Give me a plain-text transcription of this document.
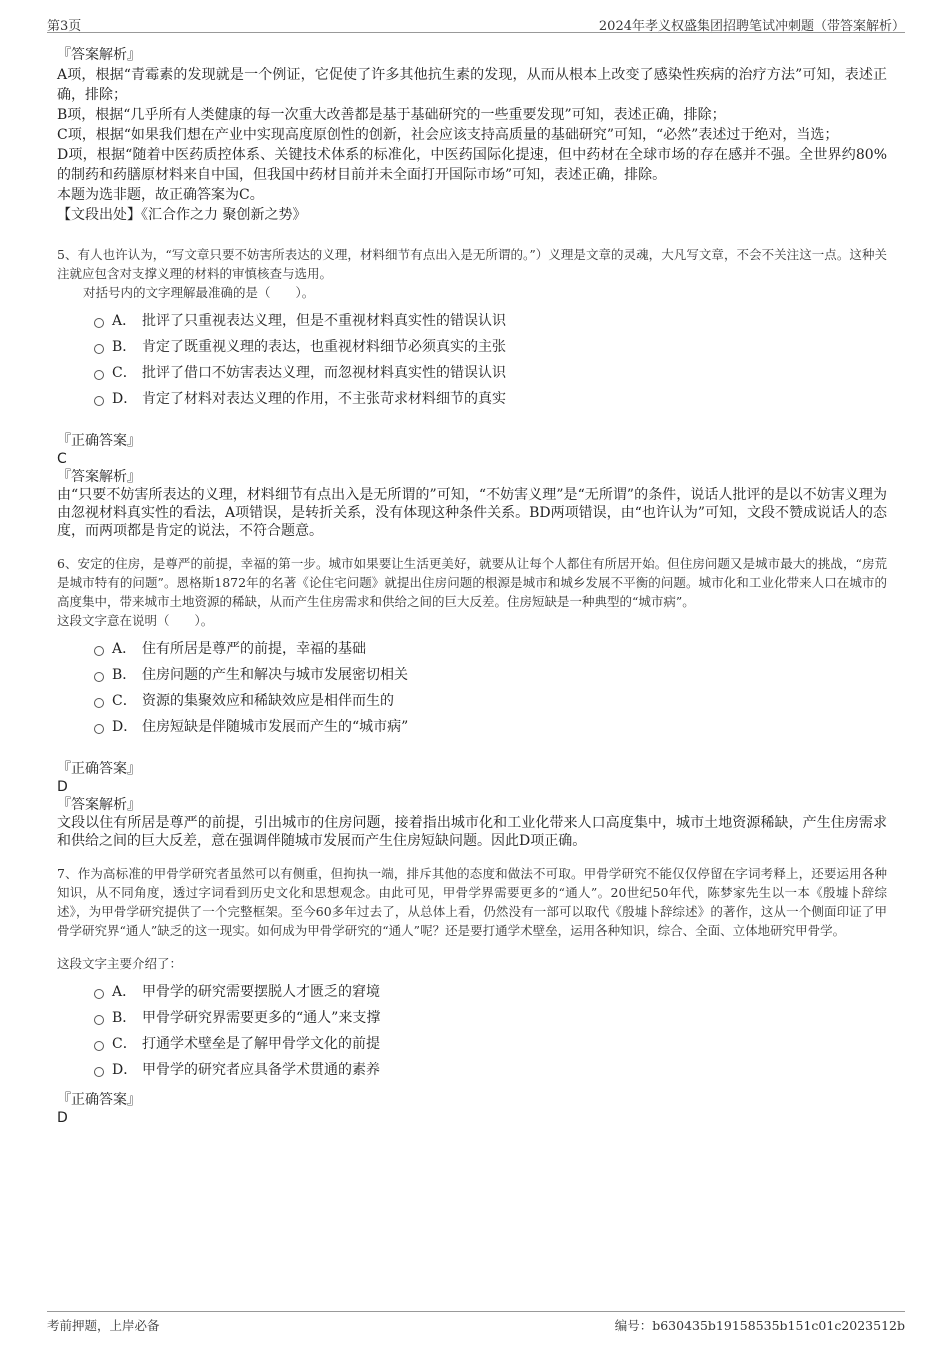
第3页	2024年孝义权盛集团招聘笔试冲刺题（带答案解析）

『答案解析』

A项，根据“青霉素的发现就是一个例证，它促使了许多其他抗生素的发现，从而从根本上改变了感染性疾病的治疗方法”可知，表述正确，排除；

B项，根据“几乎所有人类健康的每一次重大改善都是基于基础研究的一些重要发现”可知，表述正确，排除；

C项，根据“如果我们想在产业中实现高度原创性的创新，社会应该支持高质量的基础研究”可知，“必然”表述过于绝对，当选；

D项，根据“随着中医药质控体系、关键技术体系的标准化，中医药国际化提速，但中药材在全球市场的存在感并不强。全世界约80%的制药和药膳原材料来自中国，但我国中药材目前并未全面打开国际市场”可知，表述正确，排除。

本题为选非题，故正确答案为C。

【文段出处】《汇合作之力 聚创新之势》

5、有人也许认为，“写文章只要不妨害所表达的义理，材料细节有点出入是无所谓的。”）义理是文章的灵魂，大凡写文章，不会不关注这一点。这种关注就应包含对支撑义理的材料的审慎核查与选用。
对括号内的文字理解最准确的是（　　）。
A． 批评了只重视表达义理，但是不重视材料真实性的错误认识
B． 肯定了既重视义理的表达，也重视材料细节必须真实的主张
C． 批评了借口不妨害表达义理，而忽视材料真实性的错误认识
D． 肯定了材料对表达义理的作用，不主张苛求材料细节的真实

『正确答案』

C

『答案解析』

由“只要不妨害所表达的义理，材料细节有点出入是无所谓的”可知，“不妨害义理”是“无所谓”的条件，说话人批评的是以不妨害义理为由忽视材料真实性的看法，A项错误，是转折关系，没有体现这种条件关系。BD两项错误，由“也许认为”可知，文段不赞成说话人的态度，而两项都是肯定的说法，不符合题意。

6、安定的住房，是尊严的前提，幸福的第一步。城市如果要让生活更美好，就要从让每个人都住有所居开始。但住房问题又是城市最大的挑战，“房荒是城市特有的问题”。恩格斯1872年的名著《论住宅问题》就提出住房问题的根源是城市和城乡发展不平衡的问题。城市化和工业化带来人口在城市的高度集中，带来城市土地资源的稀缺，从而产生住房需求和供给之间的巨大反差。住房短缺是一种典型的“城市病”。
这段文字意在说明（　　）。
A． 住有所居是尊严的前提，幸福的基础
B． 住房问题的产生和解决与城市发展密切相关
C． 资源的集聚效应和稀缺效应是相伴而生的
D． 住房短缺是伴随城市发展而产生的“城市病”

『正确答案』

D

『答案解析』

文段以住有所居是尊严的前提，引出城市的住房问题，接着指出城市化和工业化带来人口高度集中，城市土地资源稀缺，产生住房需求和供给之间的巨大反差，意在强调伴随城市发展而产生住房短缺问题。因此D项正确。

7、作为高标准的甲骨学研究者虽然可以有侧重，但拘执一端，排斥其他的态度和做法不可取。甲骨学研究不能仅仅停留在字词考释上，还要运用各种知识，从不同角度，透过字词看到历史文化和思想观念。由此可见，甲骨学界需要更多的“通人”。20世纪50年代，陈梦家先生以一本《殷墟卜辞综述》，为甲骨学研究提供了一个完整框架。至今60多年过去了，从总体上看，仍然没有一部可以取代《殷墟卜辞综述》的著作，这从一个侧面印证了甲骨学研究界“通人”缺乏的这一现实。如何成为甲骨学研究的“通人”呢？还是要打通学术壁垒，运用各种知识，综合、全面、立体地研究甲骨学。
这段文字主要介绍了：
A． 甲骨学的研究需要摆脱人才匮乏的窘境
B． 甲骨学研究界需要更多的“通人”来支撑
C． 打通学术壁垒是了解甲骨学文化的前提
D． 甲骨学的研究者应具备学术贯通的素养

『正确答案』

D

考前押题，上岸必备	编号：b630435b19158535b151c01c2023512b
